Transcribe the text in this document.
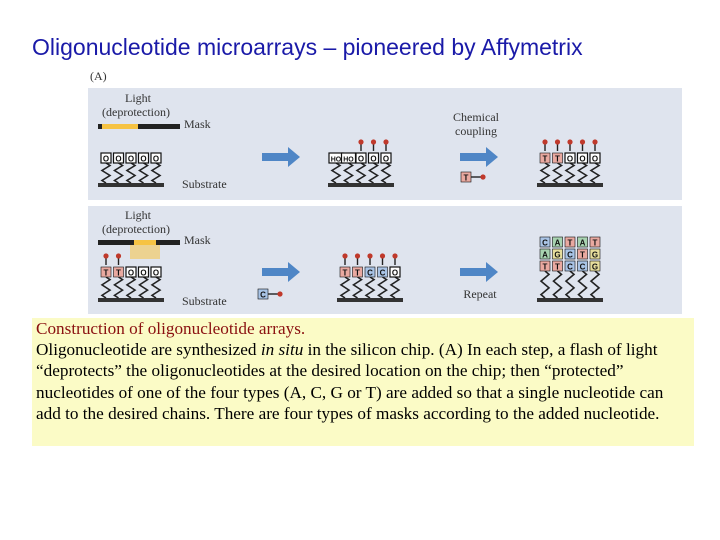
Oligonucleotide microarrays – pioneered by Affymetrix
(A)
Light
(deprotection)
Mask
Substrate
Chemical
coupling
Light
(deprotection)
Mask
Substrate	Repeat
O O O O O	HO HO O O O	T T O O O
T
T T O O O	T T C C O
C A T A T
A G C T G
T T C C G
C
Construction of oligonucleotide arrays.
Oligonucleotide are synthesized in situ in the silicon chip. (A) In each step, a flash of light “deprotects” the oligonucleotides at the desired location on the chip; then “protected” nucleotides of one of the four types (A, C, G or T) are added so that a single nucleotide can add to the desired chains. There are four types of masks according to the added nucleotide.
